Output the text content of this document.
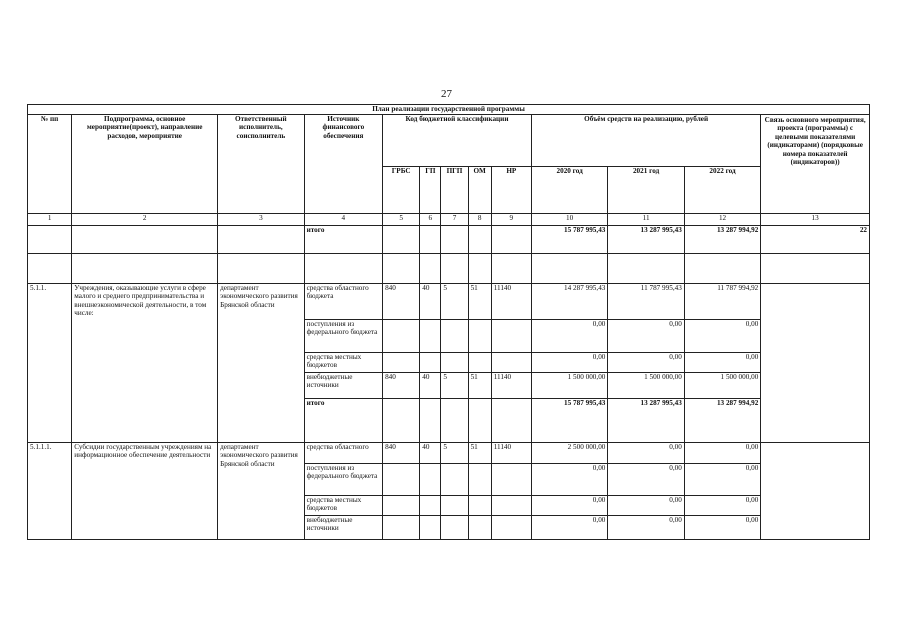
27
План реализации государственной программы												
№ пп	Подпрограмма, основное мероприятие(проект), направление расходов, мероприятие	Ответственный исполнитель, соисполнитель	Источник финансового обеспечения	Код бюджетной классификации					Объём средств на реализацию, рублей			Связь основного мероприятия, проекта (программы) с целевыми показателями (индикаторами) (порядковые номера показателей (индикаторов))
				ГРБС	ГП	ПГП	ОМ	НР	2020 год	2021 год	2022 год	
1	2	3	4	5	6	7	8	9	10	11	12	13
			итого						15 787 995,43	13 287 995,43	13 287 994,92	22

5.1.1.	Учреждения, оказывающие услуги в сфере малого и среднего предпринимательства и внешнеэкономической деятельности, в том числе:	департамент экономического развития Брянской области	средства областного бюджета	840	40	5	51	11140	14 287 995,43	11 787 995,43	11 787 994,92	
			поступления из федерального бюджета						0,00	0,00	0,00	
			средства местных бюджетов						0,00	0,00	0,00	
			внебюджетные источники	840	40	5	51	11140	1 500 000,00	1 500 000,00	1 500 000,00	
			итого						15 787 995,43	13 287 995,43	13 287 994,92	
5.1.1.1.	Субсидии государственным учреждениям на информационное обеспечение деятельности	департамент экономического развития Брянской области	средства областного	840	40	5	51	11140	2 500 000,00	0,00	0,00	
			поступления из федерального бюджета						0,00	0,00	0,00	
			средства местных бюджетов						0,00	0,00	0,00	
			внебюджетные источники						0,00	0,00	0,00	
